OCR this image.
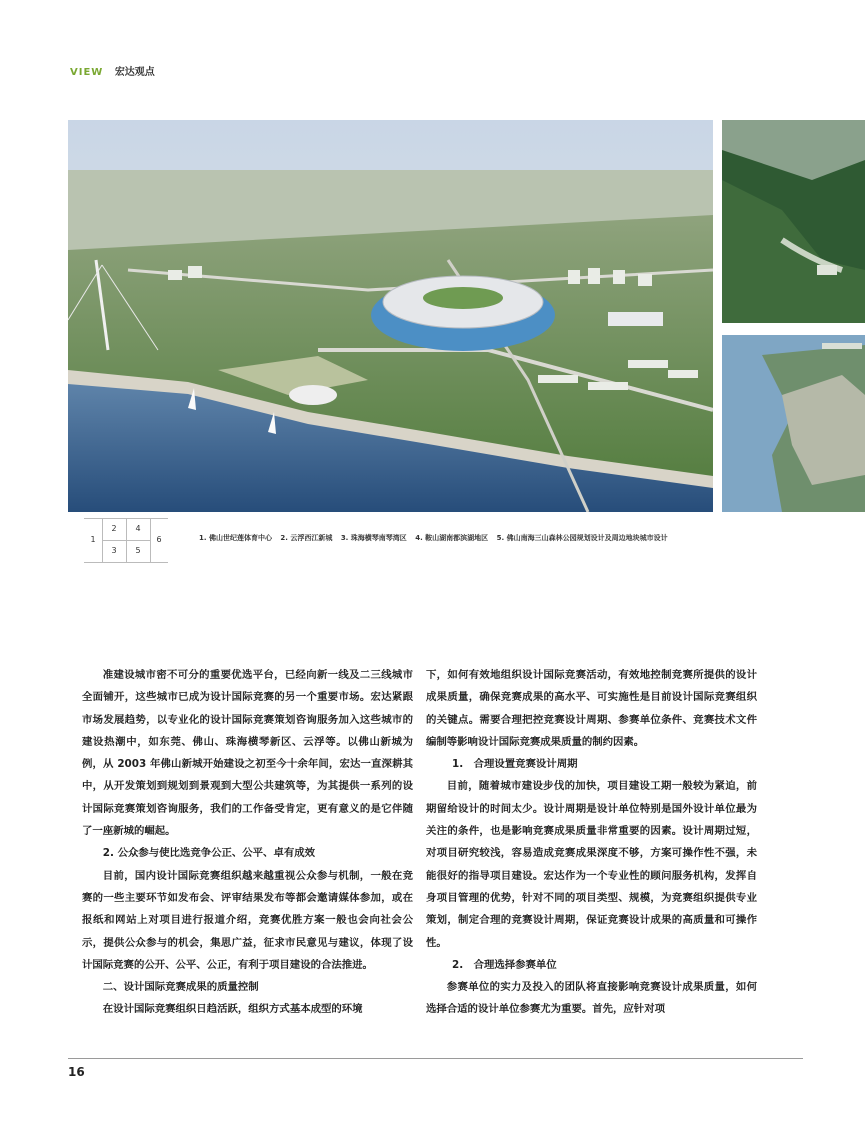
VIEW 宏达观点
1
2	4
3	5
6	1. 佛山世纪莲体育中心 2. 云浮西江新城 3. 珠海横琴南琴湾区 4. 鞍山湖南都滨湖地区 5. 佛山南海三山森林公园规划设计及周边地块城市设计

准建设城市密不可分的重要优选平台，已经向新一线及二三线城市全面铺开，这些城市已成为设计国际竞赛的另一个重要市场。宏达紧跟市场发展趋势，以专业化的设计国际竞赛策划咨询服务加入这些城市的建设热潮中，如东莞、佛山、珠海横琴新区、云浮等。以佛山新城为例，从 2003 年佛山新城开始建设之初至今十余年间，宏达一直深耕其中，从开发策划到规划到景观到大型公共建筑等，为其提供一系列的设计国际竞赛策划咨询服务，我们的工作备受肯定，更有意义的是它伴随了一座新城的崛起。

2. 公众参与使比选竞争公正、公平、卓有成效

目前，国内设计国际竞赛组织越来越重视公众参与机制，一般在竞赛的一些主要环节如发布会、评审结果发布等都会邀请媒体参加，或在报纸和网站上对项目进行报道介绍，竞赛优胜方案一般也会向社会公示，提供公众参与的机会，集思广益，征求市民意见与建议，体现了设计国际竞赛的公开、公平、公正，有利于项目建设的合法推进。

二、设计国际竞赛成果的质量控制

在设计国际竞赛组织日趋活跃，组织方式基本成型的环境

下，如何有效地组织设计国际竞赛活动，有效地控制竞赛所提供的设计成果质量，确保竞赛成果的高水平、可实施性是目前设计国际竞赛组织的关键点。需要合理把控竞赛设计周期、参赛单位条件、竞赛技术文件编制等影响设计国际竞赛成果质量的制约因素。

1.　合理设置竞赛设计周期

目前，随着城市建设步伐的加快，项目建设工期一般较为紧迫，前期留给设计的时间太少。设计周期是设计单位特别是国外设计单位最为关注的条件，也是影响竞赛成果质量非常重要的因素。设计周期过短，对项目研究较浅，容易造成竞赛成果深度不够，方案可操作性不强，未能很好的指导项目建设。宏达作为一个专业性的顾问服务机构，发挥自身项目管理的优势，针对不同的项目类型、规模，为竞赛组织提供专业策划，制定合理的竞赛设计周期，保证竞赛设计成果的高质量和可操作性。

2.　合理选择参赛单位

参赛单位的实力及投入的团队将直接影响竞赛设计成果质量，如何选择合适的设计单位参赛尤为重要。首先，应针对项

16
